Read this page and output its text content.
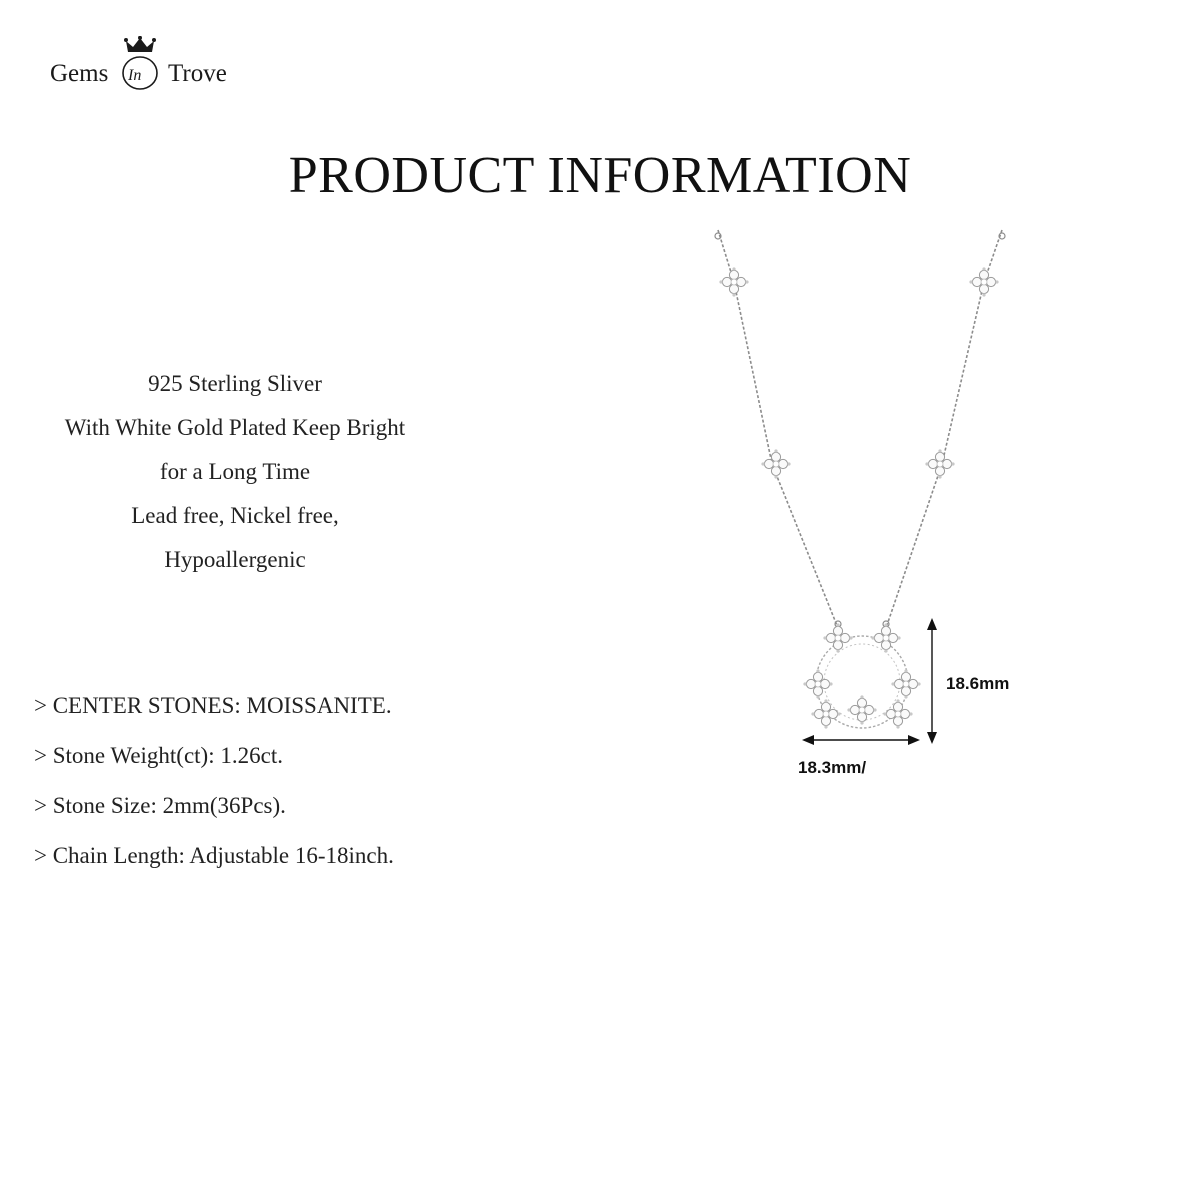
Gems In Trove
PRODUCT INFORMATION
925 Sterling Sliver
With White Gold Plated Keep Bright
for a Long Time
Lead free, Nickel free,
Hypoallergenic
> CENTER STONES: MOISSANITE.
> Stone Weight(ct): 1.26ct.
> Stone Size: 2mm(36Pcs).
> Chain Length: Adjustable 16-18inch.
18.6mm
18.3mm/
